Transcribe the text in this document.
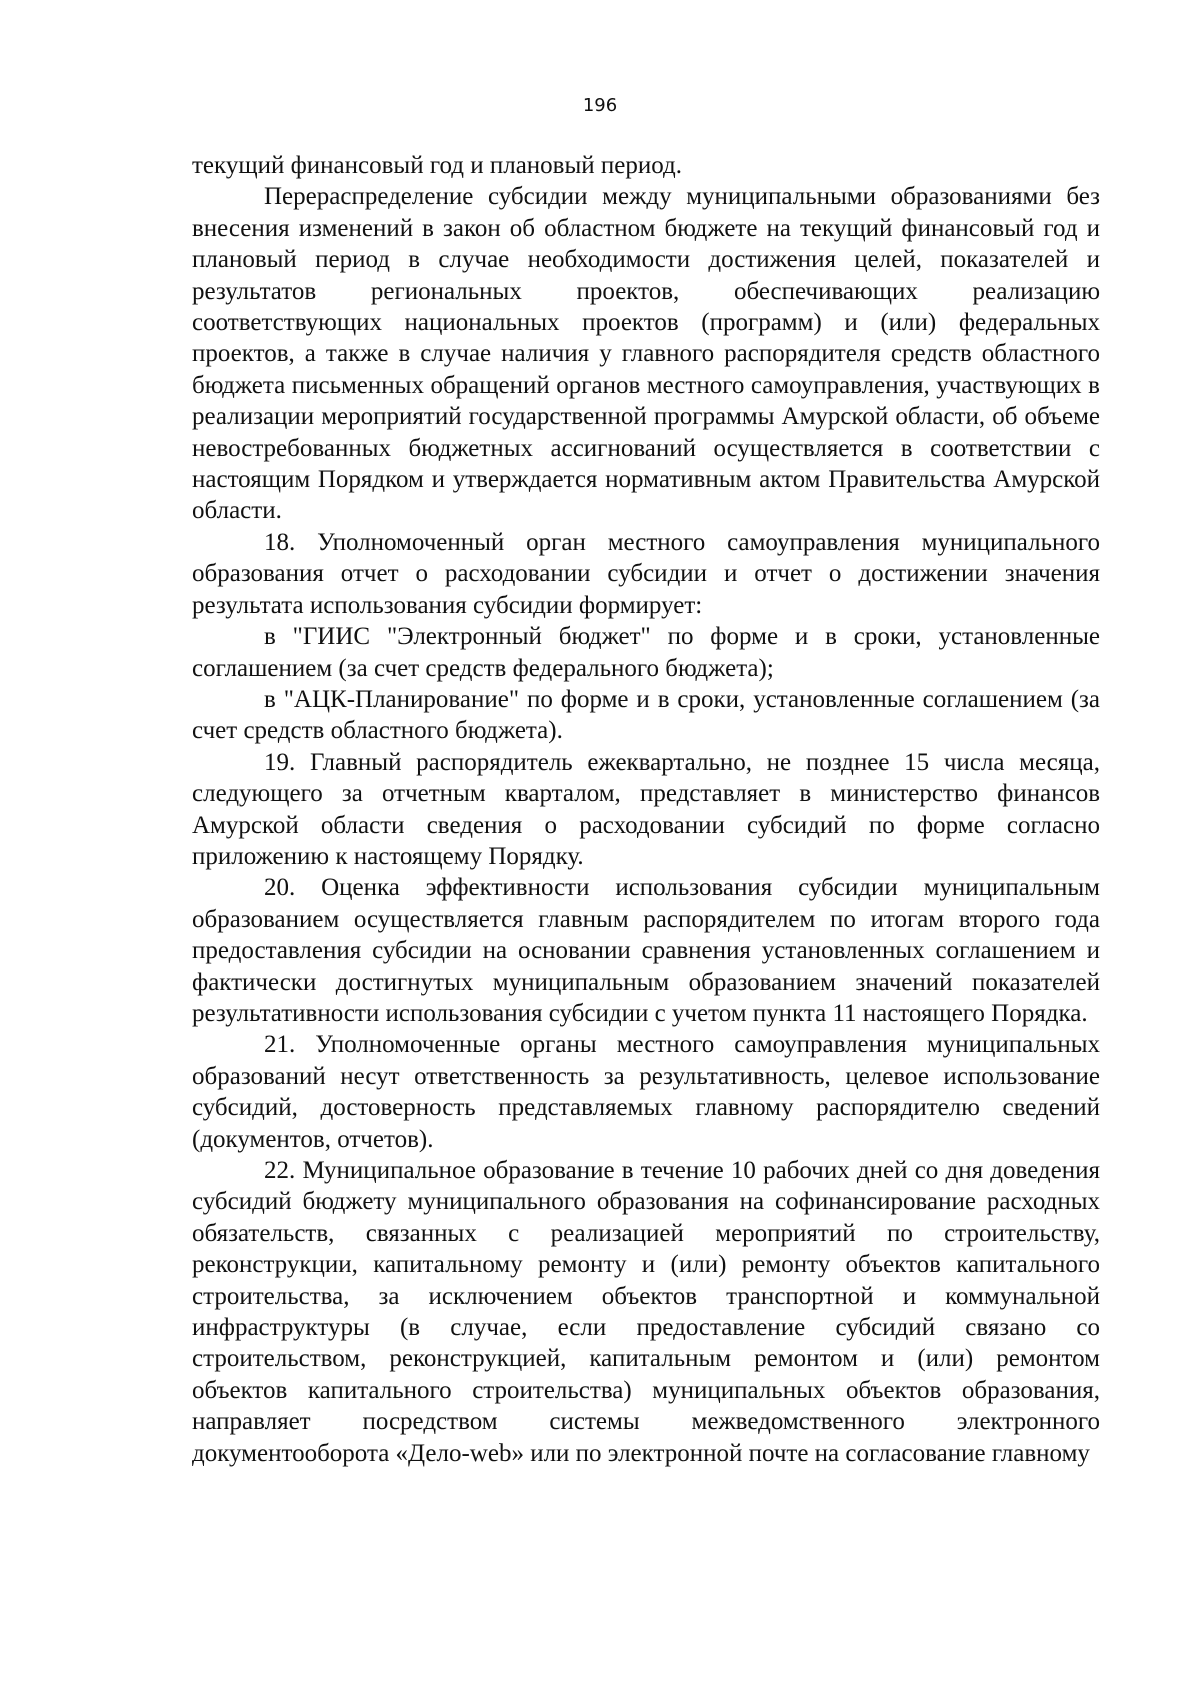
196

текущий финансовый год и плановый период.

Перераспределение субсидии между муниципальными образованиями без внесения изменений в закон об областном бюджете на текущий финансовый год и плановый период в случае необходимости достижения целей, показателей и результатов региональных проектов, обеспечивающих реализацию соответствующих национальных проектов (программ) и (или) федеральных проектов, а также в случае наличия у главного распорядителя средств областного бюджета письменных обращений органов местного самоуправления, участвующих в реализации мероприятий государственной программы Амурской области, об объеме невостребованных бюджетных ассигнований осуществляется в соответствии с настоящим Порядком и утверждается нормативным актом Правительства Амурской области.

18. Уполномоченный орган местного самоуправления муниципального образования отчет о расходовании субсидии и отчет о достижении значения результата использования субсидии формирует:

в "ГИИС "Электронный бюджет" по форме и в сроки, установленные соглашением (за счет средств федерального бюджета);

в "АЦК-Планирование" по форме и в сроки, установленные соглашением (за счет средств областного бюджета).

19. Главный распорядитель ежеквартально, не позднее 15 числа месяца, следующего за отчетным кварталом, представляет в министерство финансов Амурской области сведения о расходовании субсидий по форме согласно приложению к настоящему Порядку.

20. Оценка эффективности использования субсидии муниципальным образованием осуществляется главным распорядителем по итогам второго года предоставления субсидии на основании сравнения установленных соглашением и фактически достигнутых муниципальным образованием значений показателей результативности использования субсидии с учетом пункта 11 настоящего Порядка.

21. Уполномоченные органы местного самоуправления муниципальных образований несут ответственность за результативность, целевое использование субсидий, достоверность представляемых главному распорядителю сведений (документов, отчетов).

22. Муниципальное образование в течение 10 рабочих дней со дня доведения субсидий бюджету муниципального образования на софинансирование расходных обязательств, связанных с реализацией мероприятий по строительству, реконструкции, капитальному ремонту и (или) ремонту объектов капитального строительства, за исключением объектов транспортной и коммунальной инфраструктуры (в случае, если предоставление субсидий связано со строительством, реконструкцией, капитальным ремонтом и (или) ремонтом объектов капитального строительства) муниципальных объектов образования, направляет посредством системы межведомственного электронного документооборота «Дело-web» или по электронной почте на согласование главному
